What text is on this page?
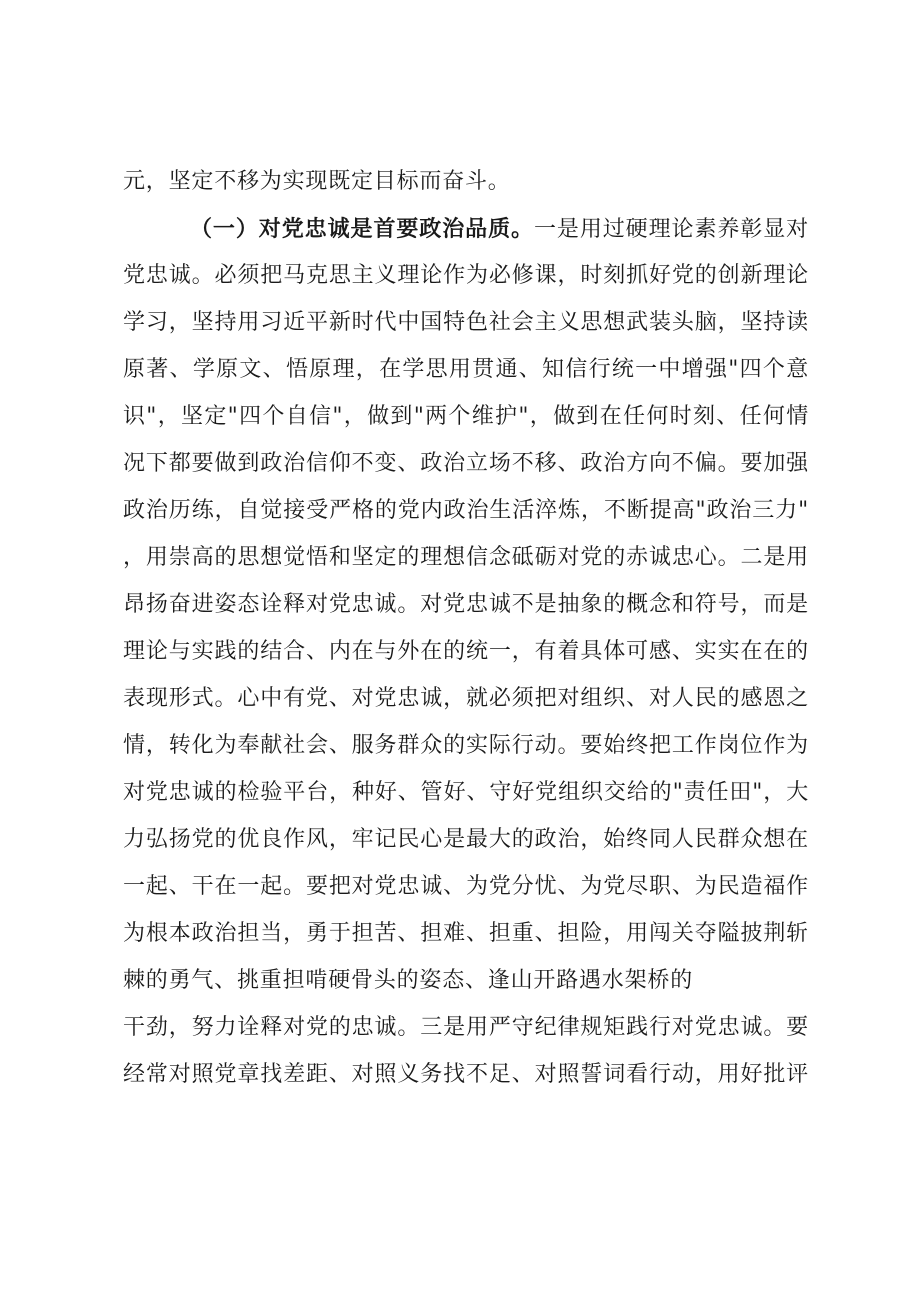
元，坚定不移为实现既定目标而奋斗。
（一）对党忠诚是首要政治品质。一是用过硬理论素养彰显对
党忠诚。必须把马克思主义理论作为必修课，时刻抓好党的创新理论
学习，坚持用习近平新时代中国特色社会主义思想武装头脑，坚持读
原著、学原文、悟原理，在学思用贯通、知信行统一中增强"四个意
识"，坚定"四个自信"，做到"两个维护"，做到在任何时刻、任何情
况下都要做到政治信仰不变、政治立场不移、政治方向不偏。要加强
政治历练，自觉接受严格的党内政治生活淬炼，不断提高"政治三力"
，用崇高的思想觉悟和坚定的理想信念砥砺对党的赤诚忠心。二是用
昂扬奋进姿态诠释对党忠诚。对党忠诚不是抽象的概念和符号，而是
理论与实践的结合、内在与外在的统一，有着具体可感、实实在在的
表现形式。心中有党、对党忠诚，就必须把对组织、对人民的感恩之
情，转化为奉献社会、服务群众的实际行动。要始终把工作岗位作为
对党忠诚的检验平台，种好、管好、守好党组织交给的"责任田"，大
力弘扬党的优良作风，牢记民心是最大的政治，始终同人民群众想在
一起、干在一起。要把对党忠诚、为党分忧、为党尽职、为民造福作
为根本政治担当，勇于担苦、担难、担重、担险，用闯关夺隘披荆斩
棘的勇气、挑重担啃硬骨头的姿态、逢山开路遇水架桥的
干劲，努力诠释对党的忠诚。三是用严守纪律规矩践行对党忠诚。要
经常对照党章找差距、对照义务找不足、对照誓词看行动，用好批评
